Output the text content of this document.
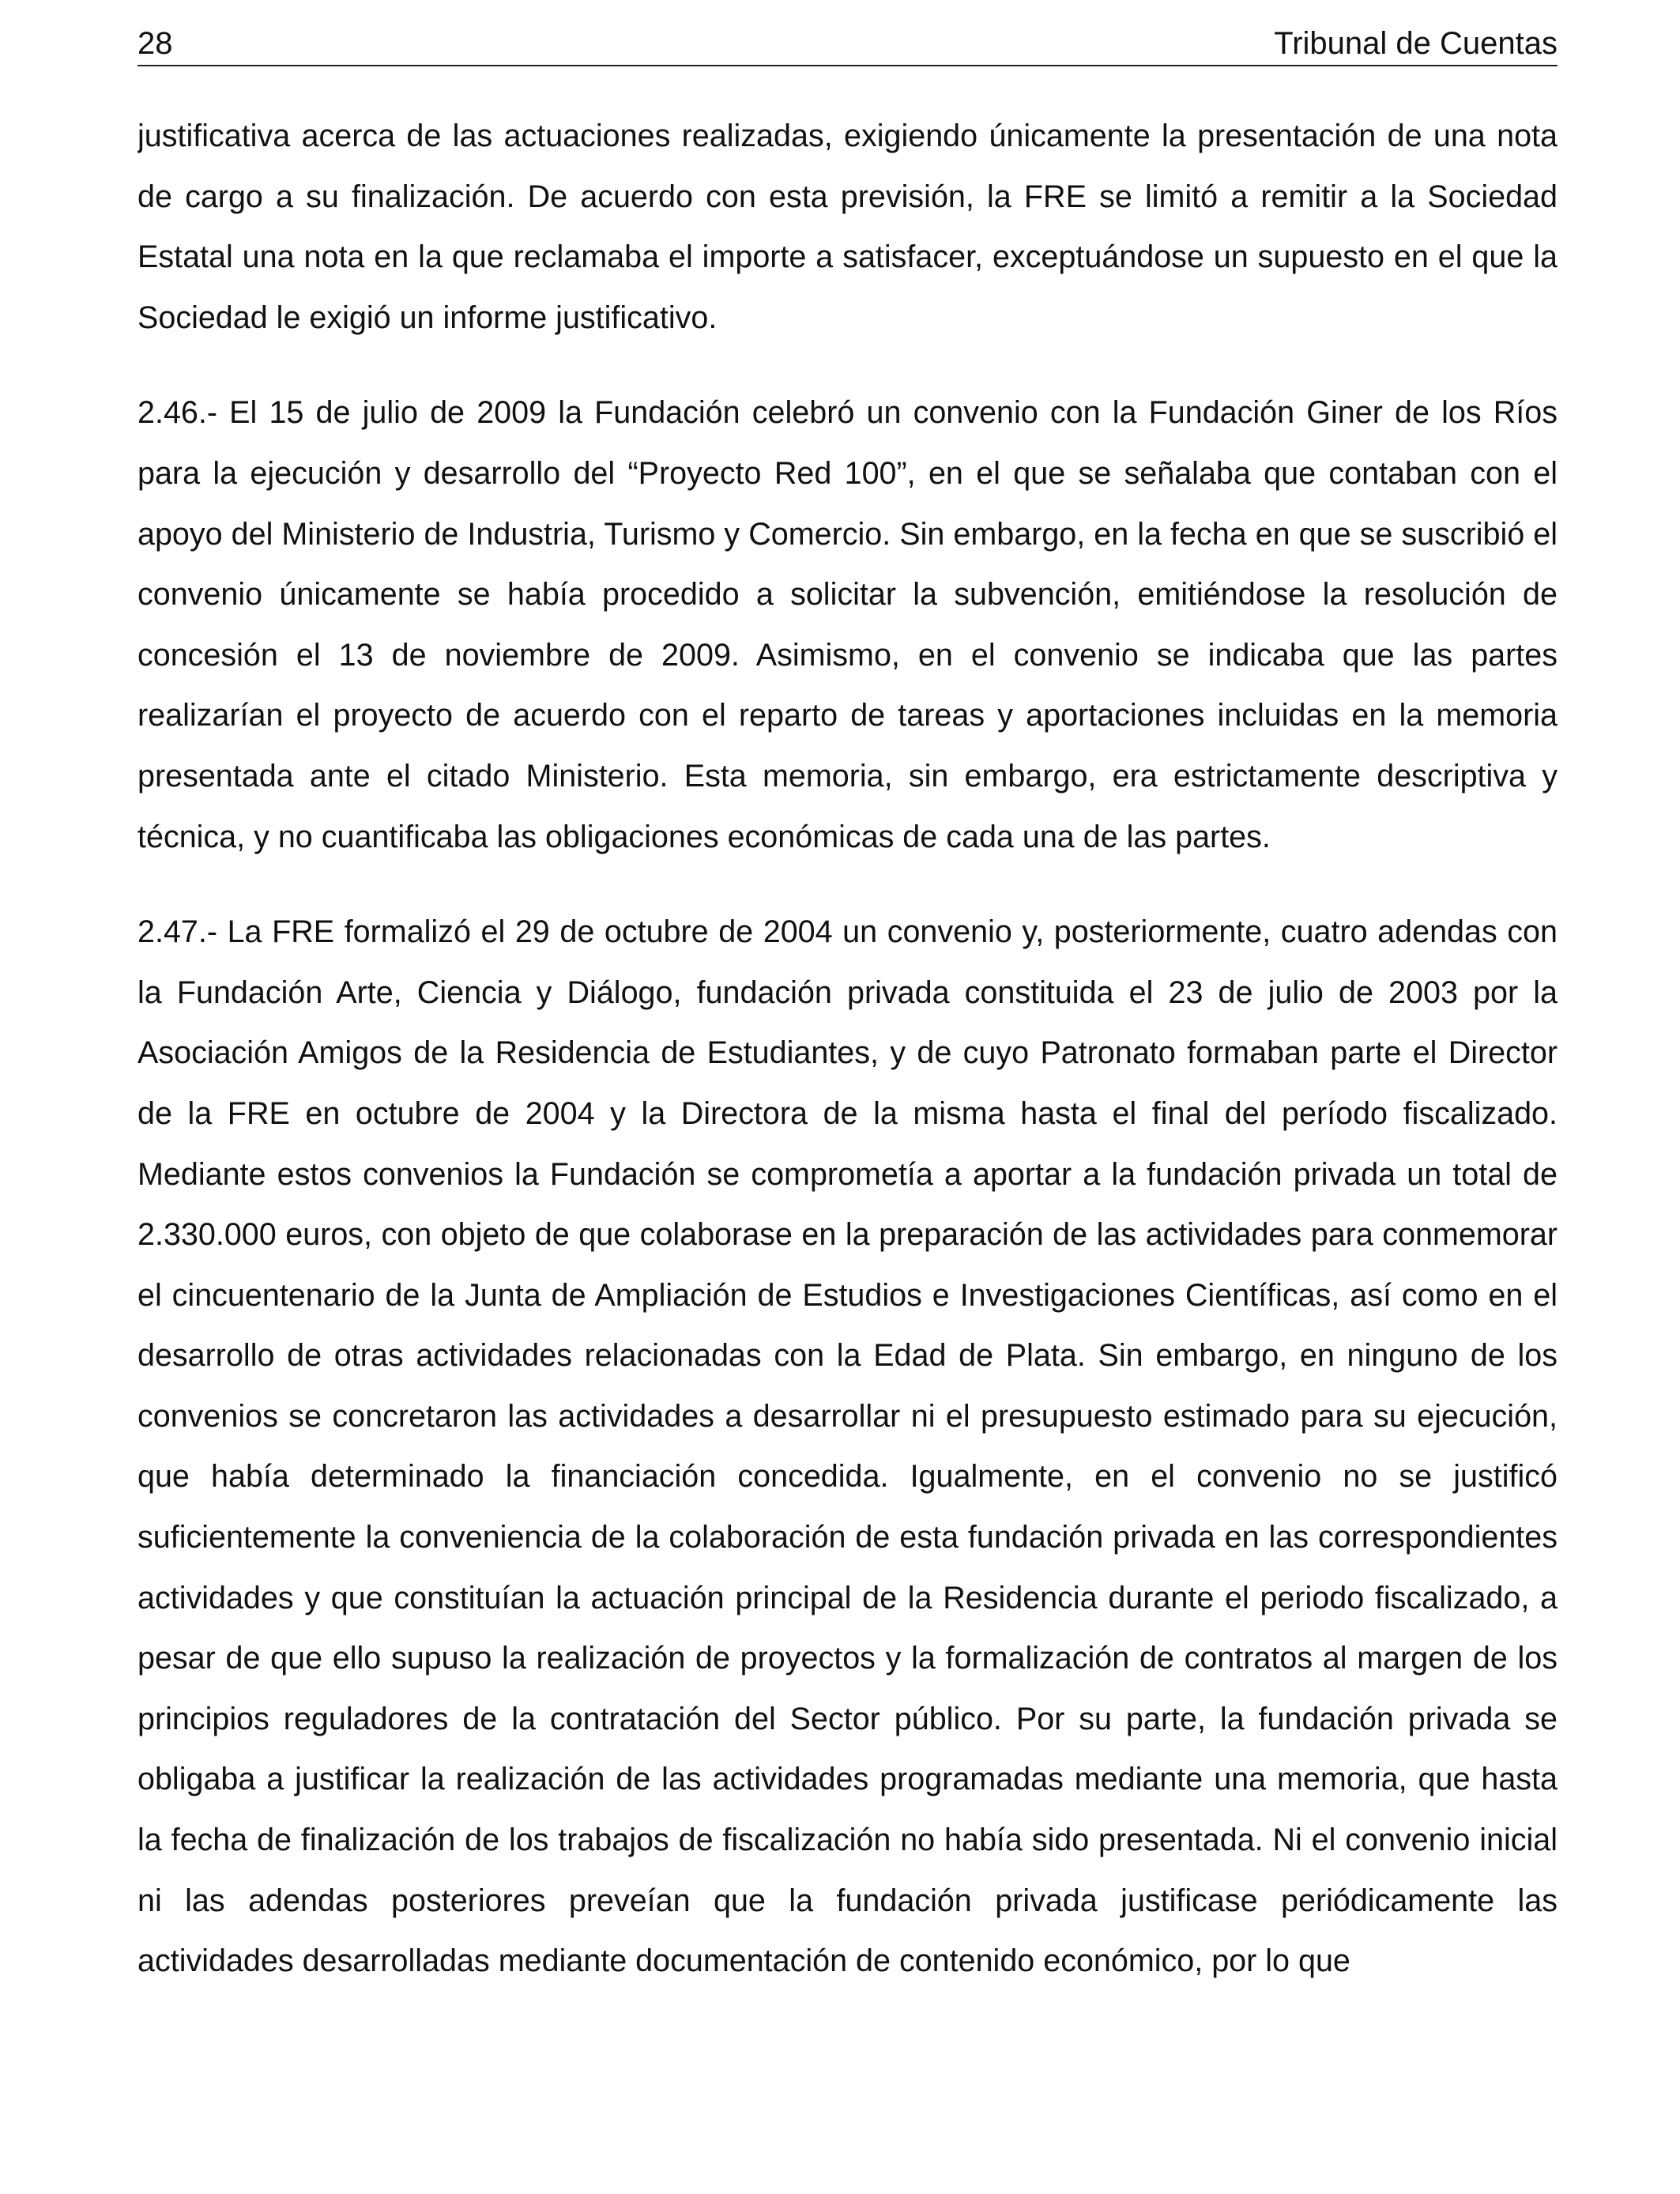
28	Tribunal de Cuentas

justificativa acerca de las actuaciones realizadas, exigiendo únicamente la presentación de una nota de cargo a su finalización. De acuerdo con esta previsión, la FRE se limitó a remitir a la Sociedad Estatal una nota en la que reclamaba el importe a satisfacer, exceptuándose un supuesto en el que la Sociedad le exigió un informe justificativo.

2.46.- El 15 de julio de 2009 la Fundación celebró un convenio con la Fundación Giner de los Ríos para la ejecución y desarrollo del “Proyecto Red 100”, en el que se señalaba que contaban con el apoyo del Ministerio de Industria, Turismo y Comercio. Sin embargo, en la fecha en que se suscribió el convenio únicamente se había procedido a solicitar la subvención, emitiéndose la resolución de concesión el 13 de noviembre de 2009. Asimismo, en el convenio se indicaba que las partes realizarían el proyecto de acuerdo con el reparto de tareas y aportaciones incluidas en la memoria presentada ante el citado Ministerio. Esta memoria, sin embargo, era estrictamente descriptiva y técnica, y no cuantificaba las obligaciones económicas de cada una de las partes.

2.47.- La FRE formalizó el 29 de octubre de 2004 un convenio y, posteriormente, cuatro adendas con la Fundación Arte, Ciencia y Diálogo, fundación privada constituida el 23 de julio de 2003 por la Asociación Amigos de la Residencia de Estudiantes, y de cuyo Patronato formaban parte el Director de la FRE en octubre de 2004 y la Directora de la misma hasta el final del período fiscalizado. Mediante estos convenios la Fundación se comprometía a aportar a la fundación privada un total de 2.330.000 euros, con objeto de que colaborase en la preparación de las actividades para conmemorar el cincuentenario de la Junta de Ampliación de Estudios e Investigaciones Científicas, así como en el desarrollo de otras actividades relacionadas con la Edad de Plata. Sin embargo, en ninguno de los convenios se concretaron las actividades a desarrollar ni el presupuesto estimado para su ejecución, que había determinado la financiación concedida. Igualmente, en el convenio no se justificó suficientemente la conveniencia de la colaboración de esta fundación privada en las correspondientes actividades y que constituían la actuación principal de la Residencia durante el periodo fiscalizado, a pesar de que ello supuso la realización de proyectos y la formalización de contratos al margen de los principios reguladores de la contratación del Sector público. Por su parte, la fundación privada se obligaba a justificar la realización de las actividades programadas mediante una memoria, que hasta la fecha de finalización de los trabajos de fiscalización no había sido presentada. Ni el convenio inicial ni las adendas posteriores preveían que la fundación privada justificase periódicamente las actividades desarrolladas mediante documentación de contenido económico, por lo que
